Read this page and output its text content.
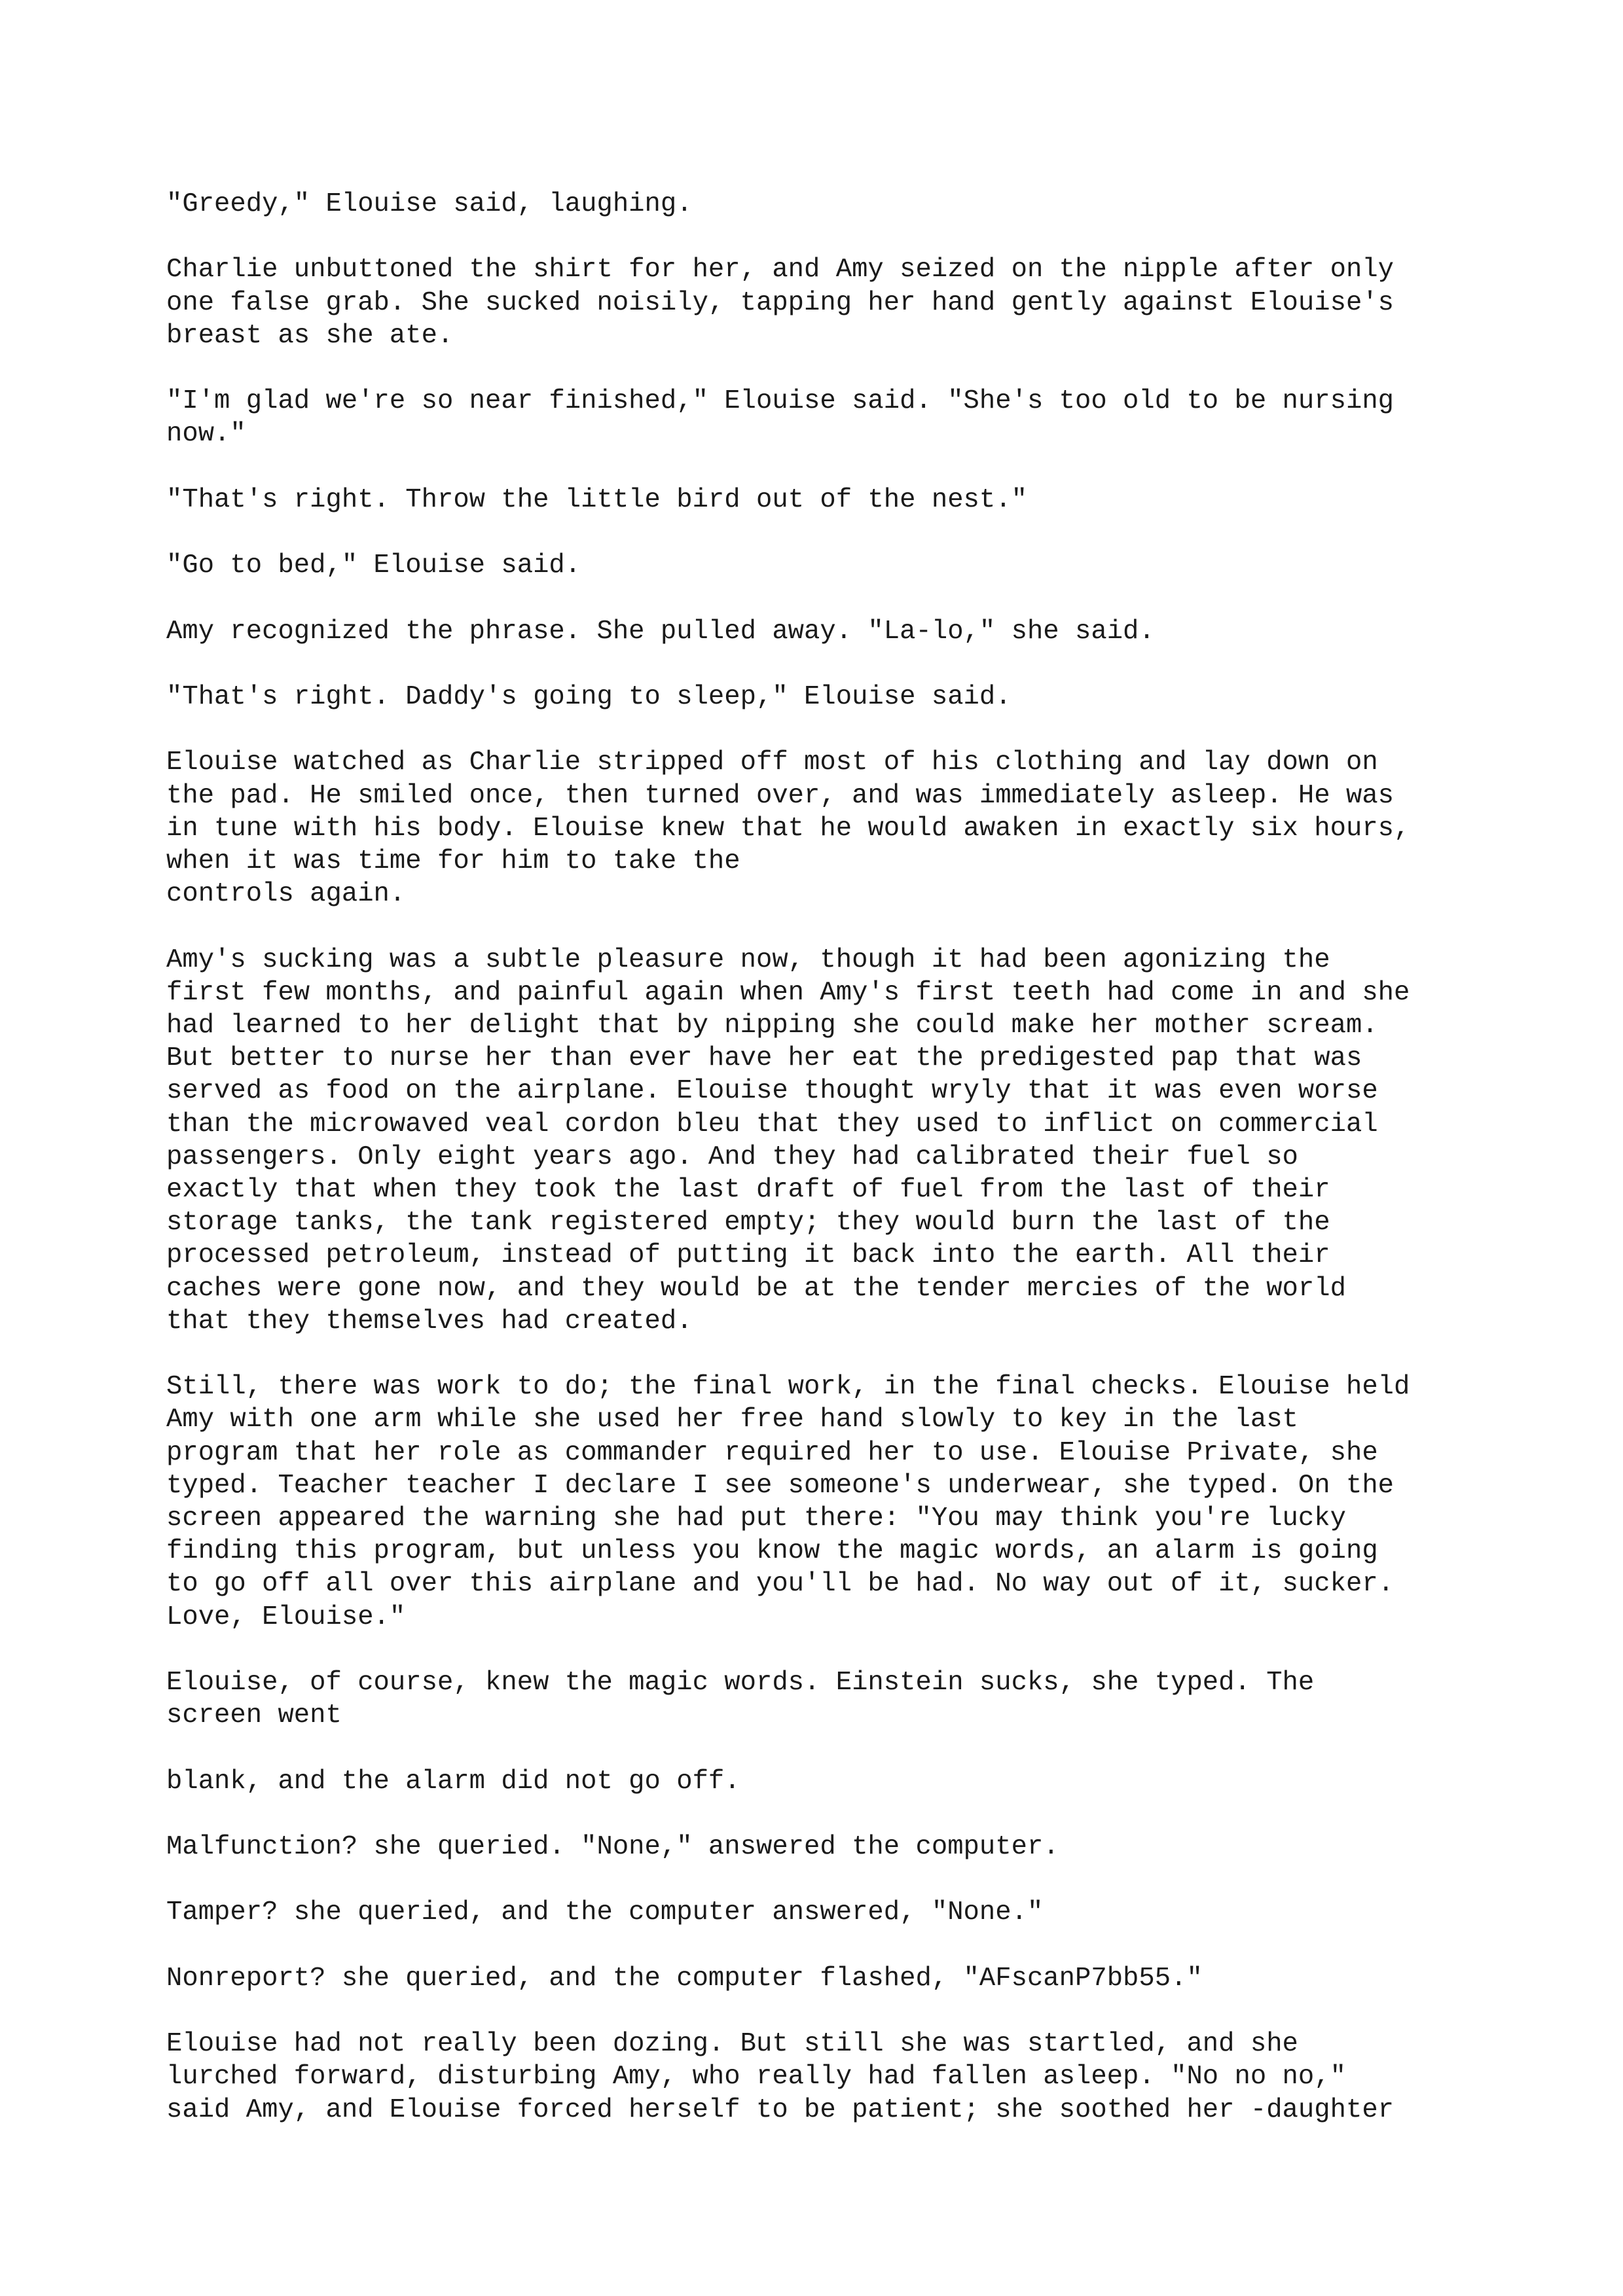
"Greedy," Elouise said, laughing.
Charlie unbuttoned the shirt for her, and Amy seized on the nipple after only
one false grab. She sucked noisily, tapping her hand gently against Elouise's
breast as she ate.
"I'm glad we're so near finished," Elouise said. "She's too old to be nursing
now."
"That's right. Throw the little bird out of the nest."
"Go to bed," Elouise said.
Amy recognized the phrase. She pulled away. "La-lo," she said.
"That's right. Daddy's going to sleep," Elouise said.
Elouise watched as Charlie stripped off most of his clothing and lay down on
the pad. He smiled once, then turned over, and was immediately asleep. He was
in tune with his body. Elouise knew that he would awaken in exactly six hours,
when it was time for him to take the
controls again.
Amy's sucking was a subtle pleasure now, though it had been agonizing the
first few months, and painful again when Amy's first teeth had come in and she
had learned to her delight that by nipping she could make her mother scream.
But better to nurse her than ever have her eat the predigested pap that was
served as food on the airplane. Elouise thought wryly that it was even worse
than the microwaved veal cordon bleu that they used to inflict on commercial
passengers. Only eight years ago. And they had calibrated their fuel so
exactly that when they took the last draft of fuel from the last of their
storage tanks, the tank registered empty; they would burn the last of the
processed petroleum, instead of putting it back into the earth. All their
caches were gone now, and they would be at the tender mercies of the world
that they themselves had created.
Still, there was work to do; the final work, in the final checks. Elouise held
Amy with one arm while she used her free hand slowly to key in the last
program that her role as commander required her to use. Elouise Private, she
typed. Teacher teacher I declare I see someone's underwear, she typed. On the
screen appeared the warning she had put there: "You may think you're lucky
finding this program, but unless you know the magic words, an alarm is going
to go off all over this airplane and you'll be had. No way out of it, sucker.
Love, Elouise."
Elouise, of course, knew the magic words. Einstein sucks, she typed. The
screen went
blank, and the alarm did not go off.
Malfunction? she queried. "None," answered the computer.
Tamper? she queried, and the computer answered, "None."
Nonreport? she queried, and the computer flashed, "AFscanP7bb55."
Elouise had not really been dozing. But still she was startled, and she
lurched forward, disturbing Amy, who really had fallen asleep. "No no no,"
said Amy, and Elouise forced herself to be patient; she soothed her -daughter
